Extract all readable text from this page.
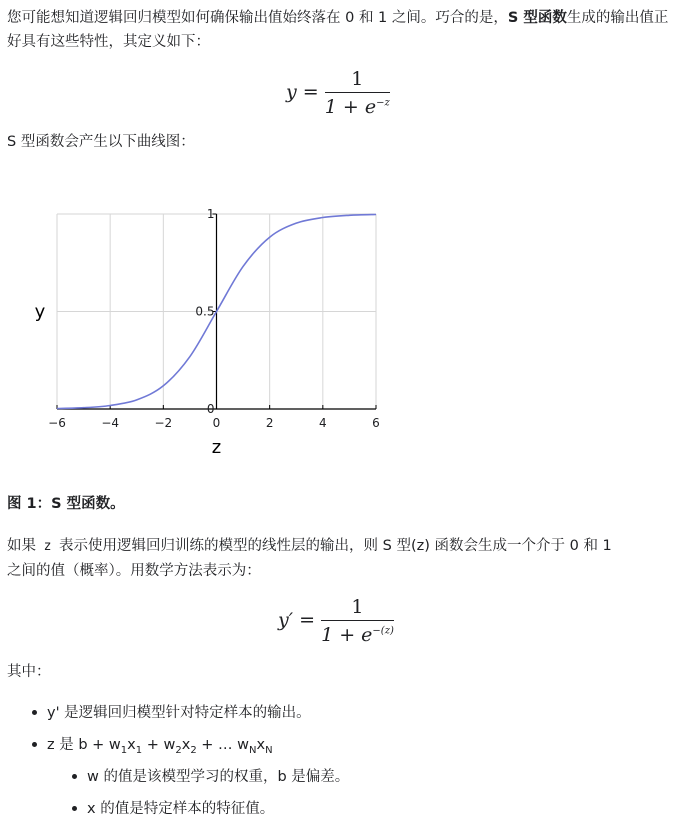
您可能想知道逻辑回归模型如何确保输出值始终落在 0 和 1 之间。巧合的是，S 型函数生成的输出值正好具有这些特性，其定义如下：
$y = \frac{1}{1 + e^{-z}}$
S 型函数会产生以下曲线图：
−6	−4	−2	0	2	4	6
0
0.5
1
y
z
图 1：S 型函数。
如果 z 表示使用逻辑回归训练的模型的线性层的输出，则 S 型(z) 函数会生成一个介于 0 和 1
之间的值（概率）。用数学方法表示为：
$y' = \frac{1}{1 + e^{-(z)}}$
其中：
y' 是逻辑回归模型针对特定样本的输出。
z 是 $b + w_1x_1 + w_2x_2$ + … $w_Nx_N$
w 的值是该模型学习的权重，b 是偏差。
x 的值是特定样本的特征值。
